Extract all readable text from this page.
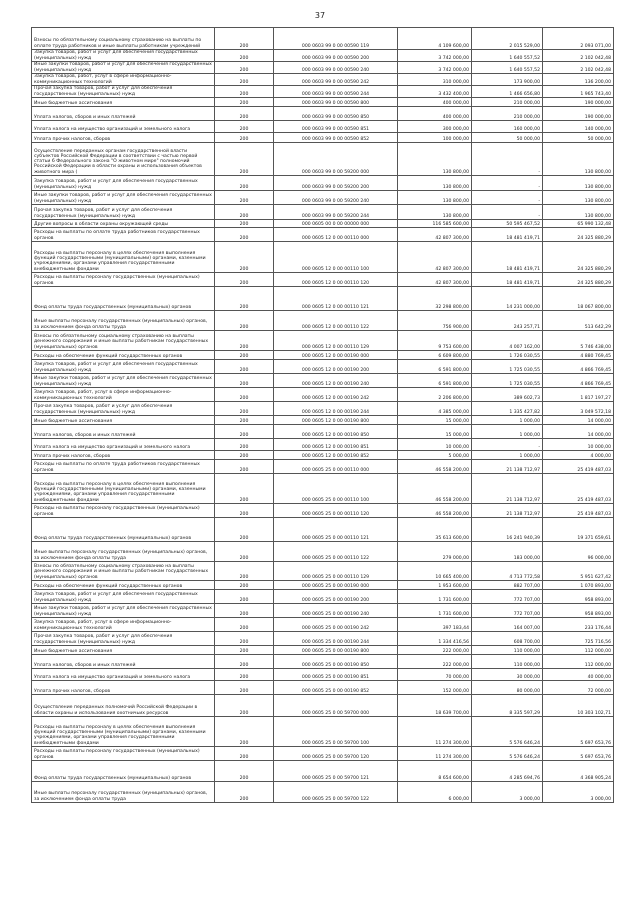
37
Взносы по обязательному социальному страхованию на выплаты по оплате труда работников и иные выплаты работникам учреждений	200	000 0603 99 0 00 00590 119	4 109 600,00	2 015 529,00	2 093 071,00
Закупка товаров, работ и услуг для обеспечения государственных (муниципальных) нужд	200	000 0603 99 0 00 00590 200	3 742 000,00	1 640 557,52	2 102 042,48
Иные закупки товаров, работ и услуг для обеспечения государственных (муниципальных) нужд	200	000 0603 99 0 00 00590 240	3 742 000,00	1 640 557,52	2 102 042,48
Закупка товаров, работ, услуг в сфере информационно-коммуникационных технологий	200	000 0603 99 0 00 00590 242	310 000,00	173 900,00	136 200,00
Прочая закупка товаров, работ и услуг для обеспечения государственных (муниципальных) нужд	200	000 0603 99 0 00 00590 244	3 432 400,00	1 466 656,80	1 965 743,40
Иные бюджетные ассигнования	200	000 0603 99 0 00 00590 800	400 000,00	210 000,00	190 000,00
Уплата налогов, сборов и иных платежей	200	000 0603 99 0 00 00590 850	400 000,00	210 000,00	190 000,00
Уплата налога на имущество организаций и земельного налога	200	000 0603 99 0 00 00590 851	300 000,00	160 000,00	140 000,00
Уплата прочих налогов, сборов	200	000 0603 99 0 00 00590 852	100 000,00	50 000,00	50 000,00
Осуществление переданных органам государственной власти субъектов Российской Федерации в соответствии с частью первой статьи 6 Федерального закона "О животном мире" полномочий Российской Федерации в области охраны и использования объектов животного мира (	200	000 0603 99 0 00 59200 000	130 800,00	-	130 800,00
Закупка товаров, работ и услуг для обеспечения государственных (муниципальных) нужд	200	000 0603 99 0 00 59200 200	130 800,00	-	130 800,00
Иные закупки товаров, работ и услуг для обеспечения государственных (муниципальных) нужд	200	000 0603 99 0 00 59200 240	130 800,00	-	130 800,00
Прочая закупка товаров, работ и услуг для обеспечения государственных (муниципальных) нужд	200	000 0603 99 0 00 59200 244	130 800,00	-	130 800,00
Другие вопросы в области охраны окружающей среды	200	000 0605 00 0 00 00000 000	116 585 600,00	50 595 467,52	65 990 132,48
Расходы на выплаты по оплате труда работников государственных органов	200	000 0605 12 0 00 00110 000	42 807 300,00	18 481 419,71	24 325 880,29
Расходы на выплаты персоналу в целях обеспечения выполнения функций государственными (муниципальными) органами, казенными учреждениями, органами управления государственными внебюджетными фондами	200	000 0605 12 0 00 00110 100	42 807 300,00	18 481 419,71	24 325 880,29
Расходы на выплаты персоналу государственных (муниципальных) органов	200	000 0605 12 0 00 00110 120	42 807 300,00	18 481 419,71	24 325 880,29
Фонд оплаты труда государственных (муниципальных) органов	200	000 0605 12 0 00 00110 121	32 298 800,00	14 231 000,00	18 067 800,00
Иные выплаты персоналу государственных (муниципальных) органов, за исключением фонда оплаты труда	200	000 0605 12 0 00 00110 122	756 900,00	243 257,71	513 642,29
Взносы по обязательному социальному страхованию на выплаты денежного содержания и иные выплаты работникам государственных (муниципальных) органов	200	000 0605 12 0 00 00110 129	9 753 600,00	4 007 162,00	5 746 438,00
Расходы на обеспечение функций государственных органов	200	000 0605 12 0 00 00190 000	6 609 800,00	1 726 030,55	4 880 769,45
Закупка товаров, работ и услуг для обеспечения государственных (муниципальных) нужд	200	000 0605 12 0 00 00190 200	6 591 800,00	1 725 030,55	4 866 769,45
Иные закупки товаров, работ и услуг для обеспечения государственных (муниципальных) нужд	200	000 0605 12 0 00 00190 240	6 591 800,00	1 725 030,55	4 866 769,45
Закупка товаров, работ, услуг в сфере информационно-коммуникационных технологий	200	000 0605 12 0 00 00190 242	2 206 800,00	389 602,73	1 817 197,27
Прочая закупка товаров, работ и услуг для обеспечения государственных (муниципальных) нужд	200	000 0605 12 0 00 00190 244	4 385 000,00	1 335 427,82	3 049 572,18
Иные бюджетные ассигнования	200	000 0605 12 0 00 00190 800	15 000,00	1 000,00	14 000,00
Уплата налогов, сборов и иных платежей	200	000 0605 12 0 00 00190 850	15 000,00	1 000,00	14 000,00
Уплата налога на имущество организаций и земельного налога	200	000 0605 12 0 00 00190 851	10 000,00	-	10 000,00
Уплата прочих налогов, сборов	200	000 0605 12 0 00 00190 852	5 000,00	1 000,00	4 000,00
Расходы на выплаты по оплате труда работников государственных органов	200	000 0605 25 0 00 00110 000	46 558 200,00	21 138 712,97	25 419 487,03
Расходы на выплаты персоналу в целях обеспечения выполнения функций государственными (муниципальными) органами, казенными учреждениями, органами управления государственными внебюджетными фондами	200	000 0605 25 0 00 00110 100	46 558 200,00	21 138 712,97	25 419 487,03
Расходы на выплаты персоналу государственных (муниципальных) органов	200	000 0605 25 0 00 00110 120	46 558 200,00	21 138 712,97	25 419 487,03
Фонд оплаты труда государственных (муниципальных) органов	200	000 0605 25 0 00 00110 121	35 613 600,00	16 241 940,39	19 371 659,61
Иные выплаты персоналу государственных (муниципальных) органов, за исключением фонда оплаты труда	200	000 0605 25 0 00 00110 122	279 000,00	183 000,00	96 000,00
Взносы по обязательному социальному страхованию на выплаты денежного содержания и иные выплаты работникам государственных (муниципальных) органов	200	000 0605 25 0 00 00110 129	10 665 400,00	4 713 772,58	5 951 627,42
Расходы на обеспечение функций государственных органов	200	000 0605 25 0 00 00190 000	1 953 600,00	882 707,00	1 070 893,00
Закупка товаров, работ и услуг для обеспечения государственных (муниципальных) нужд	200	000 0605 25 0 00 00190 200	1 731 600,00	772 707,00	958 893,00
Иные закупки товаров, работ и услуг для обеспечения государственных (муниципальных) нужд	200	000 0605 25 0 00 00190 240	1 731 600,00	772 707,00	958 893,00
Закупка товаров, работ, услуг в сфере информационно-коммуникационных технологий	200	000 0605 25 0 00 00190 242	397 183,44	164 007,00	233 176,44
Прочая закупка товаров, работ и услуг для обеспечения государственных (муниципальных) нужд	200	000 0605 25 0 00 00190 244	1 334 416,56	608 700,00	725 716,56
Иные бюджетные ассигнования	200	000 0605 25 0 00 00190 800	222 000,00	110 000,00	112 000,00
Уплата налогов, сборов и иных платежей	200	000 0605 25 0 00 00190 850	222 000,00	110 000,00	112 000,00
Уплата налога на имущество организаций и земельного налога	200	000 0605 25 0 00 00190 851	70 000,00	30 000,00	40 000,00
Уплата прочих налогов, сборов	200	000 0605 25 0 00 00190 852	152 000,00	80 000,00	72 000,00
Осуществление переданных полномочий Российской Федерации в области охраны и использования охотничьих ресурсов	200	000 0605 25 0 00 59700 000	18 639 700,00	8 335 597,29	10 303 102,71
Расходы на выплаты персоналу в целях обеспечения выполнения функций государственными (муниципальными) органами, казенными учреждениями, органами управления государственными внебюджетными фондами	200	000 0605 25 0 00 59700 100	11 274 300,00	5 576 646,24	5 697 653,76
Расходы на выплаты персоналу государственных (муниципальных) органов	200	000 0605 25 0 00 59700 120	11 274 300,00	5 576 646,24	5 697 653,76
Фонд оплаты труда государственных (муниципальных) органов	200	000 0605 25 0 00 59700 121	8 654 600,00	4 285 694,76	4 368 905,24
Иные выплаты персоналу государственных (муниципальных) органов, за исключением фонда оплаты труда	200	000 0605 25 0 00 59700 122	6 000,00	3 000,00	3 000,00
